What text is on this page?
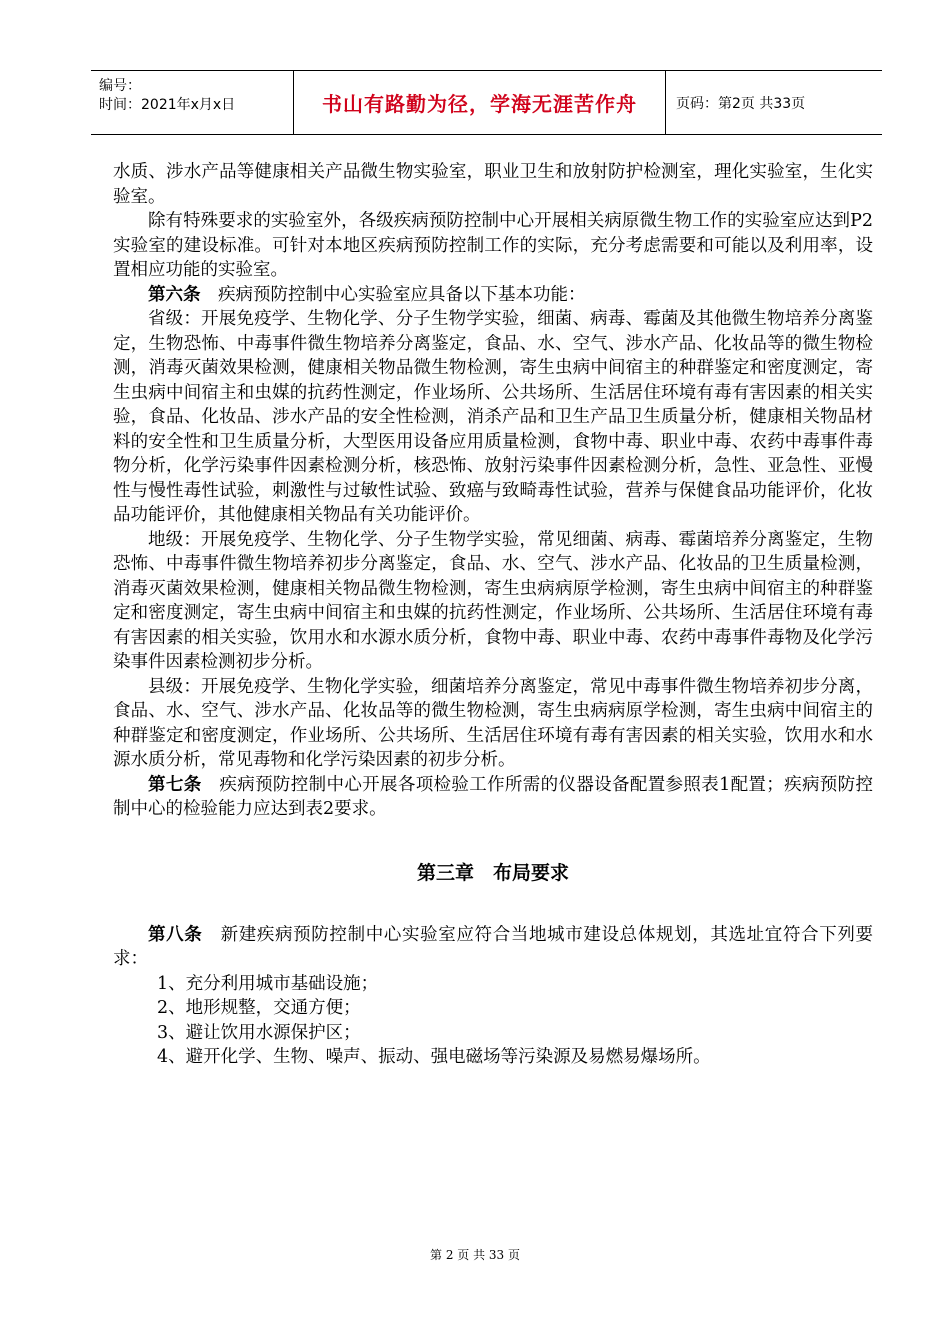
编号：
时间：2021年x月x日	书山有路勤为径，学海无涯苦作舟	页码：第2页 共33页

水质、涉水产品等健康相关产品微生物实验室，职业卫生和放射防护检测室，理化实验室，生化实验室。

除有特殊要求的实验室外，各级疾病预防控制中心开展相关病原微生物工作的实验室应达到P2实验室的建设标准。可针对本地区疾病预防控制工作的实际，充分考虑需要和可能以及利用率，设置相应功能的实验室。

第六条　疾病预防控制中心实验室应具备以下基本功能：

省级：开展免疫学、生物化学、分子生物学实验，细菌、病毒、霉菌及其他微生物培养分离鉴定，生物恐怖、中毒事件微生物培养分离鉴定，食品、水、空气、涉水产品、化妆品等的微生物检测，消毒灭菌效果检测，健康相关物品微生物检测，寄生虫病中间宿主的种群鉴定和密度测定，寄生虫病中间宿主和虫媒的抗药性测定，作业场所、公共场所、生活居住环境有毒有害因素的相关实验，食品、化妆品、涉水产品的安全性检测，消杀产品和卫生产品卫生质量分析，健康相关物品材料的安全性和卫生质量分析，大型医用设备应用质量检测，食物中毒、职业中毒、农药中毒事件毒物分析，化学污染事件因素检测分析，核恐怖、放射污染事件因素检测分析，急性、亚急性、亚慢性与慢性毒性试验，刺激性与过敏性试验、致癌与致畸毒性试验，营养与保健食品功能评价，化妆品功能评价，其他健康相关物品有关功能评价。

地级：开展免疫学、生物化学、分子生物学实验，常见细菌、病毒、霉菌培养分离鉴定，生物恐怖、中毒事件微生物培养初步分离鉴定，食品、水、空气、涉水产品、化妆品的卫生质量检测，消毒灭菌效果检测，健康相关物品微生物检测，寄生虫病病原学检测，寄生虫病中间宿主的种群鉴定和密度测定，寄生虫病中间宿主和虫媒的抗药性测定，作业场所、公共场所、生活居住环境有毒有害因素的相关实验，饮用水和水源水质分析，食物中毒、职业中毒、农药中毒事件毒物及化学污染事件因素检测初步分析。

县级：开展免疫学、生物化学实验，细菌培养分离鉴定，常见中毒事件微生物培养初步分离，食品、水、空气、涉水产品、化妆品等的微生物检测，寄生虫病病原学检测，寄生虫病中间宿主的种群鉴定和密度测定，作业场所、公共场所、生活居住环境有毒有害因素的相关实验，饮用水和水源水质分析，常见毒物和化学污染因素的初步分析。

第七条　疾病预防控制中心开展各项检验工作所需的仪器设备配置参照表1配置；疾病预防控制中心的检验能力应达到表2要求。

第三章　布局要求

第八条　新建疾病预防控制中心实验室应符合当地城市建设总体规划，其选址宜符合下列要求：

1、充分利用城市基础设施；

2、地形规整，交通方便；

3、避让饮用水源保护区；

4、避开化学、生物、噪声、振动、强电磁场等污染源及易燃易爆场所。

第 2 页 共 33 页
